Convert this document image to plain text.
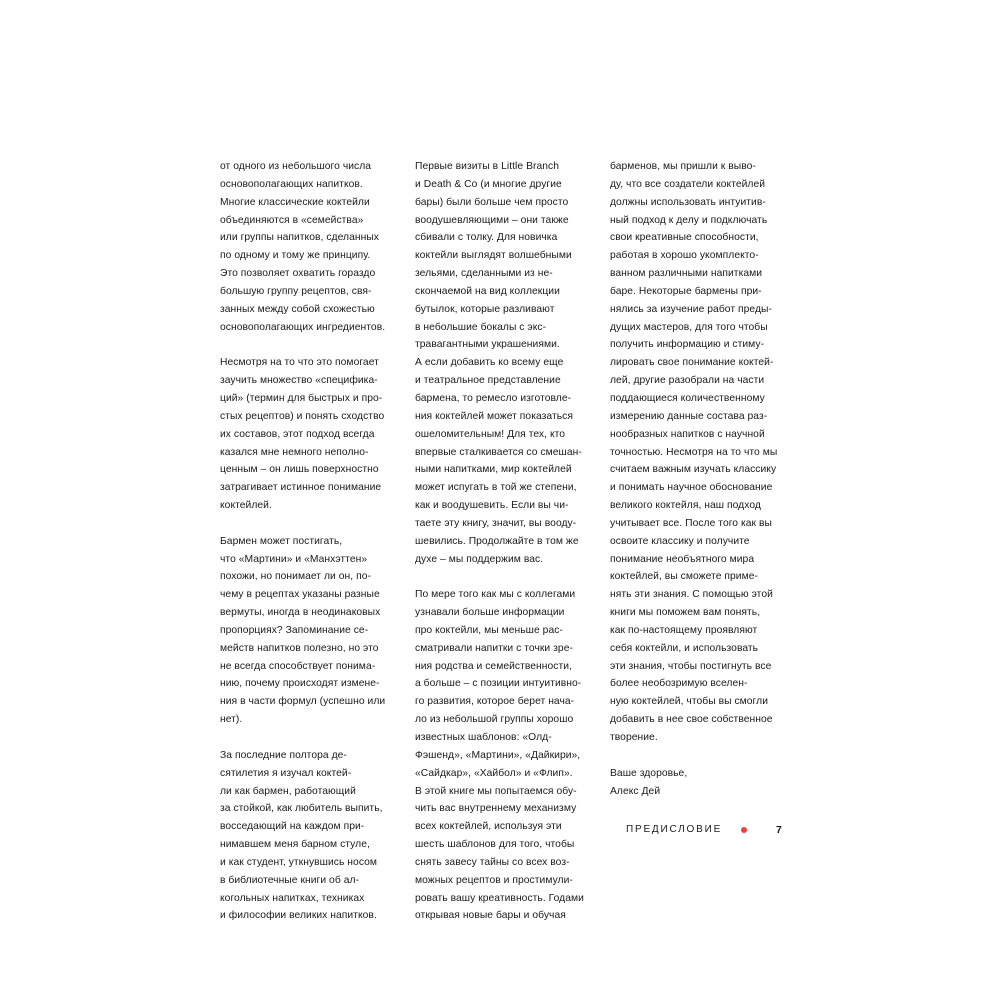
от одного из небольшого числа
основополагающих напитков.
Многие классические коктейли
объединяются в «семейства»
или группы напитков, сделанных
по одному и тому же принципу.
Это позволяет охватить гораздо
большую группу рецептов, свя-
занных между собой схожестью
основополагающих ингредиентов.

Несмотря на то что это помогает
заучить множество «специфика-
ций» (термин для быстрых и про-
стых рецептов) и понять сходство
их составов, этот подход всегда
казался мне немного неполно-
ценным – он лишь поверхностно
затрагивает истинное понимание
коктейлей.

Бармен может постигать,
что «Мартини» и «Манхэттен»
похожи, но понимает ли он, по-
чему в рецептах указаны разные
вермуты, иногда в неодинаковых
пропорциях? Запоминание се-
мейств напитков полезно, но это
не всегда способствует понима-
нию, почему происходят измене-
ния в части формул (успешно или
нет).

За последние полтора де-
сятилетия я изучал коктей-
ли как бармен, работающий
за стойкой, как любитель выпить,
восседающий на каждом при-
нимавшем меня барном стуле,
и как студент, уткнувшись носом
в библиотечные книги об ал-
когольных напитках, техниках
и философии великих напитков.

Первые визиты в Little Branch
и Death & Co (и многие другие
бары) были больше чем просто
воодушевляющими – они также
сбивали с толку. Для новичка
коктейли выглядят волшебными
зельями, сделанными из не-
скончаемой на вид коллекции
бутылок, которые разливают
в небольшие бокалы с экс-
травагантными украшениями.
А если добавить ко всему еще
и театральное представление
бармена, то ремесло изготовле-
ния коктейлей может показаться
ошеломительным! Для тех, кто
впервые сталкивается со смешан-
ными напитками, мир коктейлей
может испугать в той же степени,
как и воодушевить. Если вы чи-
таете эту книгу, значит, вы вооду-
шевились. Продолжайте в том же
духе – мы поддержим вас.

По мере того как мы с коллегами
узнавали больше информации
про коктейли, мы меньше рас-
сматривали напитки с точки зре-
ния родства и семейственности,
а больше – с позиции интуитивно-
го развития, которое берет нача-
ло из небольшой группы хорошо
известных шаблонов: «Олд-
Фэшенд», «Мартини», «Дайкири»,
«Сайдкар», «Хайбол» и «Флип».
В этой книге мы попытаемся обу-
чить вас внутреннему механизму
всех коктейлей, используя эти
шесть шаблонов для того, чтобы
снять завесу тайны со всех воз-
можных рецептов и простимули-
ровать вашу креативность. Годами
открывая новые бары и обучая

барменов, мы пришли к выво-
ду, что все создатели коктейлей
должны использовать интуитив-
ный подход к делу и подключать
свои креативные способности,
работая в хорошо укомплекто-
ванном различными напитками
баре. Некоторые бармены при-
нялись за изучение работ преды-
дущих мастеров, для того чтобы
получить информацию и стиму-
лировать свое понимание коктей-
лей, другие разобрали на части
поддающиеся количественному
измерению данные состава раз-
нообразных напитков с научной
точностью. Несмотря на то что мы
считаем важным изучать классику
и понимать научное обоснование
великого коктейля, наш подход
учитывает все. После того как вы
освоите классику и получите
понимание необъятного мира
коктейлей, вы сможете приме-
нять эти знания. С помощью этой
книги мы поможем вам понять,
как по-настоящему проявляют
себя коктейли, и использовать
эти знания, чтобы постигнуть все
более необозримую вселен-
ную коктейлей, чтобы вы смогли
добавить в нее свое собственное
творение.

Ваше здоровье,
Алекс Дей

ПРЕДИСЛОВИЕ	7
